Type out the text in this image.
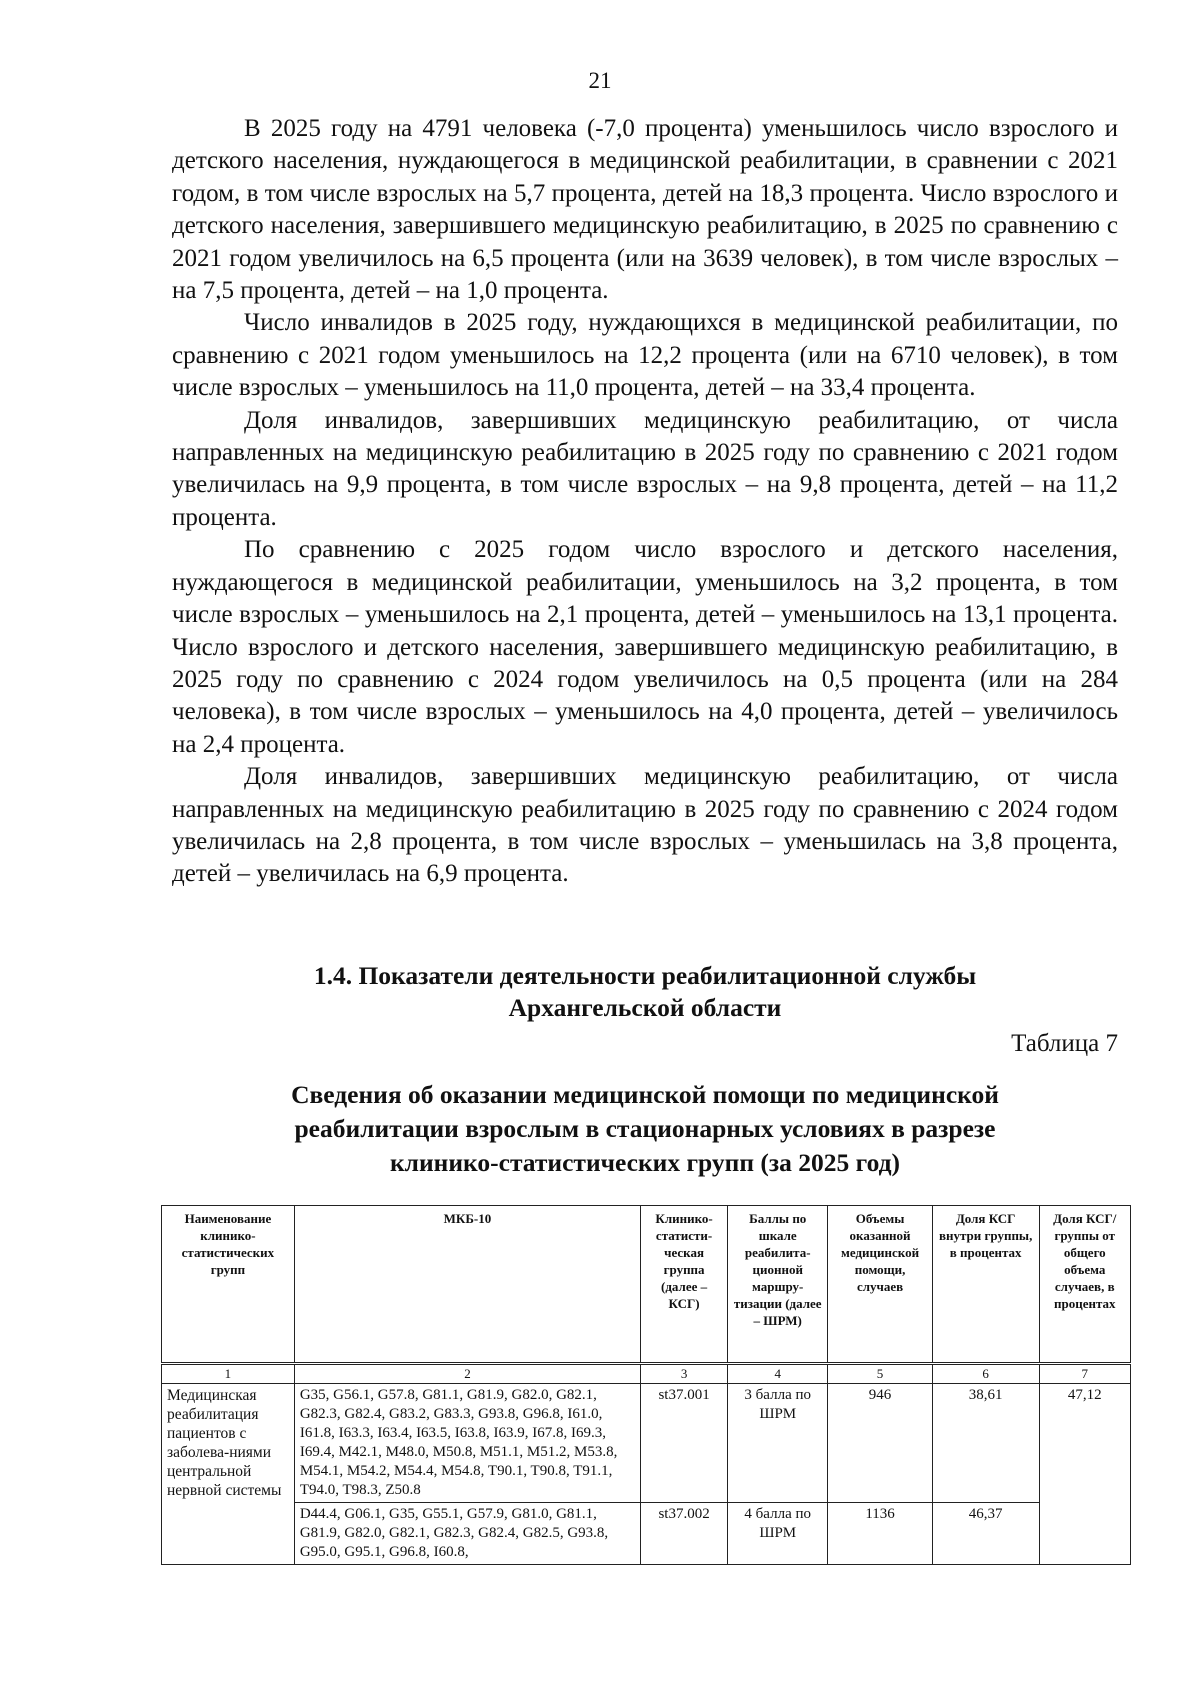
21

В 2025 году на 4791 человека (-7,0 процента) уменьшилось число взрослого и детского населения, нуждающегося в медицинской реабилитации, в сравнении с 2021 годом, в том числе взрослых на 5,7 процента, детей на 18,3 процента. Число взрослого и детского населения, завершившего медицинскую реабилитацию, в 2025 по сравнению с 2021 годом увеличилось на 6,5 процента (или на 3639 человек), в том числе взрослых – на 7,5 процента, детей – на 1,0 процента.

Число инвалидов в 2025 году, нуждающихся в медицинской реабилитации, по сравнению с 2021 годом уменьшилось на 12,2 процента (или на 6710 человек), в том числе взрослых – уменьшилось на 11,0 процента, детей – на 33,4 процента.

Доля инвалидов, завершивших медицинскую реабилитацию, от числа направленных на медицинскую реабилитацию в 2025 году по сравнению с 2021 годом увеличилась на 9,9 процента, в том числе взрослых – на 9,8 процента, детей – на 11,2 процента.

По сравнению с 2025 годом число взрослого и детского населения, нуждающегося в медицинской реабилитации, уменьшилось на 3,2 процента, в том числе взрослых – уменьшилось на 2,1 процента, детей – уменьшилось на 13,1 процента. Число взрослого и детского населения, завершившего медицинскую реабилитацию, в 2025 году по сравнению с 2024 годом увеличилось на 0,5 процента (или на 284 человека), в том числе взрослых – уменьшилось на 4,0 процента, детей – увеличилось на 2,4 процента.

Доля инвалидов, завершивших медицинскую реабилитацию, от числа направленных на медицинскую реабилитацию в 2025 году по сравнению с 2024 годом увеличилась на 2,8 процента, в том числе взрослых – уменьшилась на 3,8 процента, детей – увеличилась на 6,9 процента.

1.4. Показатели деятельности реабилитационной службы
Архангельской области
Таблица 7
Сведения об оказании медицинской помощи по медицинской
реабилитации взрослым в стационарных условиях в разрезе
клинико-статистических групп (за 2025 год)
Наименование клинико-статистических групп	МКБ-10	Клинико-статисти-ческая группа (далее – КСГ)	Баллы по шкале реабилита-ционной маршру-тизации (далее – ШРМ)	Объемы оказанной медицинской помощи, случаев	Доля КСГ внутри группы, в процентах	Доля КСГ/ группы от общего объема случаев, в процентах
1	2	3	4	5	6	7
Медицинская реабилитация пациентов с заболева-ниями центральной нервной системы	G35, G56.1, G57.8, G81.1, G81.9, G82.0, G82.1, G82.3, G82.4, G83.2, G83.3, G93.8, G96.8, I61.0, I61.8, I63.3, I63.4, I63.5, I63.8, I63.9, I67.8, I69.3, I69.4, M42.1, M48.0, M50.8, M51.1, M51.2, M53.8, M54.1, M54.2, M54.4, M54.8, T90.1, T90.8, T91.1, T94.0, T98.3, Z50.8	st37.001	3 балла по ШРМ	946	38,61	47,12
	D44.4, G06.1, G35, G55.1, G57.9, G81.0, G81.1, G81.9, G82.0, G82.1, G82.3, G82.4, G82.5, G93.8, G95.0, G95.1, G96.8, I60.8,	st37.002	4 балла по ШРМ	1136	46,37	
